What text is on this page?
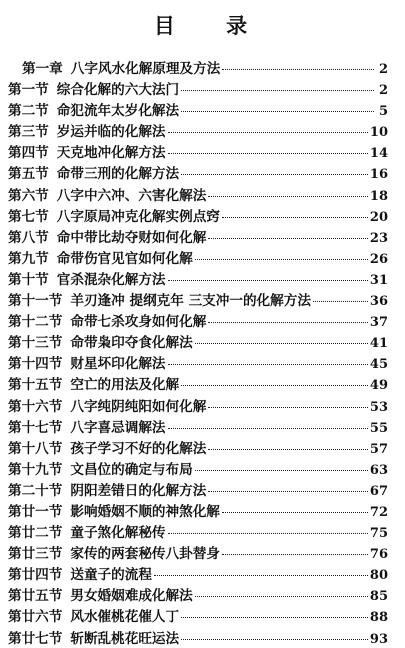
目 录
第一章 八字风水化解原理及方法	2
第一节 综合化解的六大法门	2
第二节 命犯流年太岁化解法	5
第三节 岁运并临的化解法	10
第四节 天克地冲化解方法	14
第五节 命带三刑的化解方法	16
第六节 八字中六冲、六害化解法	18
第七节 八字原局冲克化解实例点窍	20
第八节 命中带比劫夺财如何化解	23
第九节 命带伤官见官如何化解	26
第十节 官杀混杂化解方法	31
第十一节 羊刃逢冲 提纲克年 三支冲一的化解方法	36
第十二节 命带七杀攻身如何化解	37
第十三节 命带枭印夺食化解法	41
第十四节 财星坏印化解法	45
第十五节 空亡的用法及化解	49
第十六节 八字纯阴纯阳如何化解	53
第十七节 八字喜忌调解法	55
第十八节 孩子学习不好的化解法	57
第十九节 文昌位的确定与布局	63
第二十节 阴阳差错日的化解方法	67
第廿一节 影响婚姻不顺的神煞化解	72
第廿二节 童子煞化解秘传	75
第廿三节 家传的两套秘传八卦替身	76
第廿四节 送童子的流程	80
第廿五节 男女婚姻难成化解法	85
第廿六节 风水催桃花催人丁	88
第廿七节 斩断乱桃花旺运法	93
